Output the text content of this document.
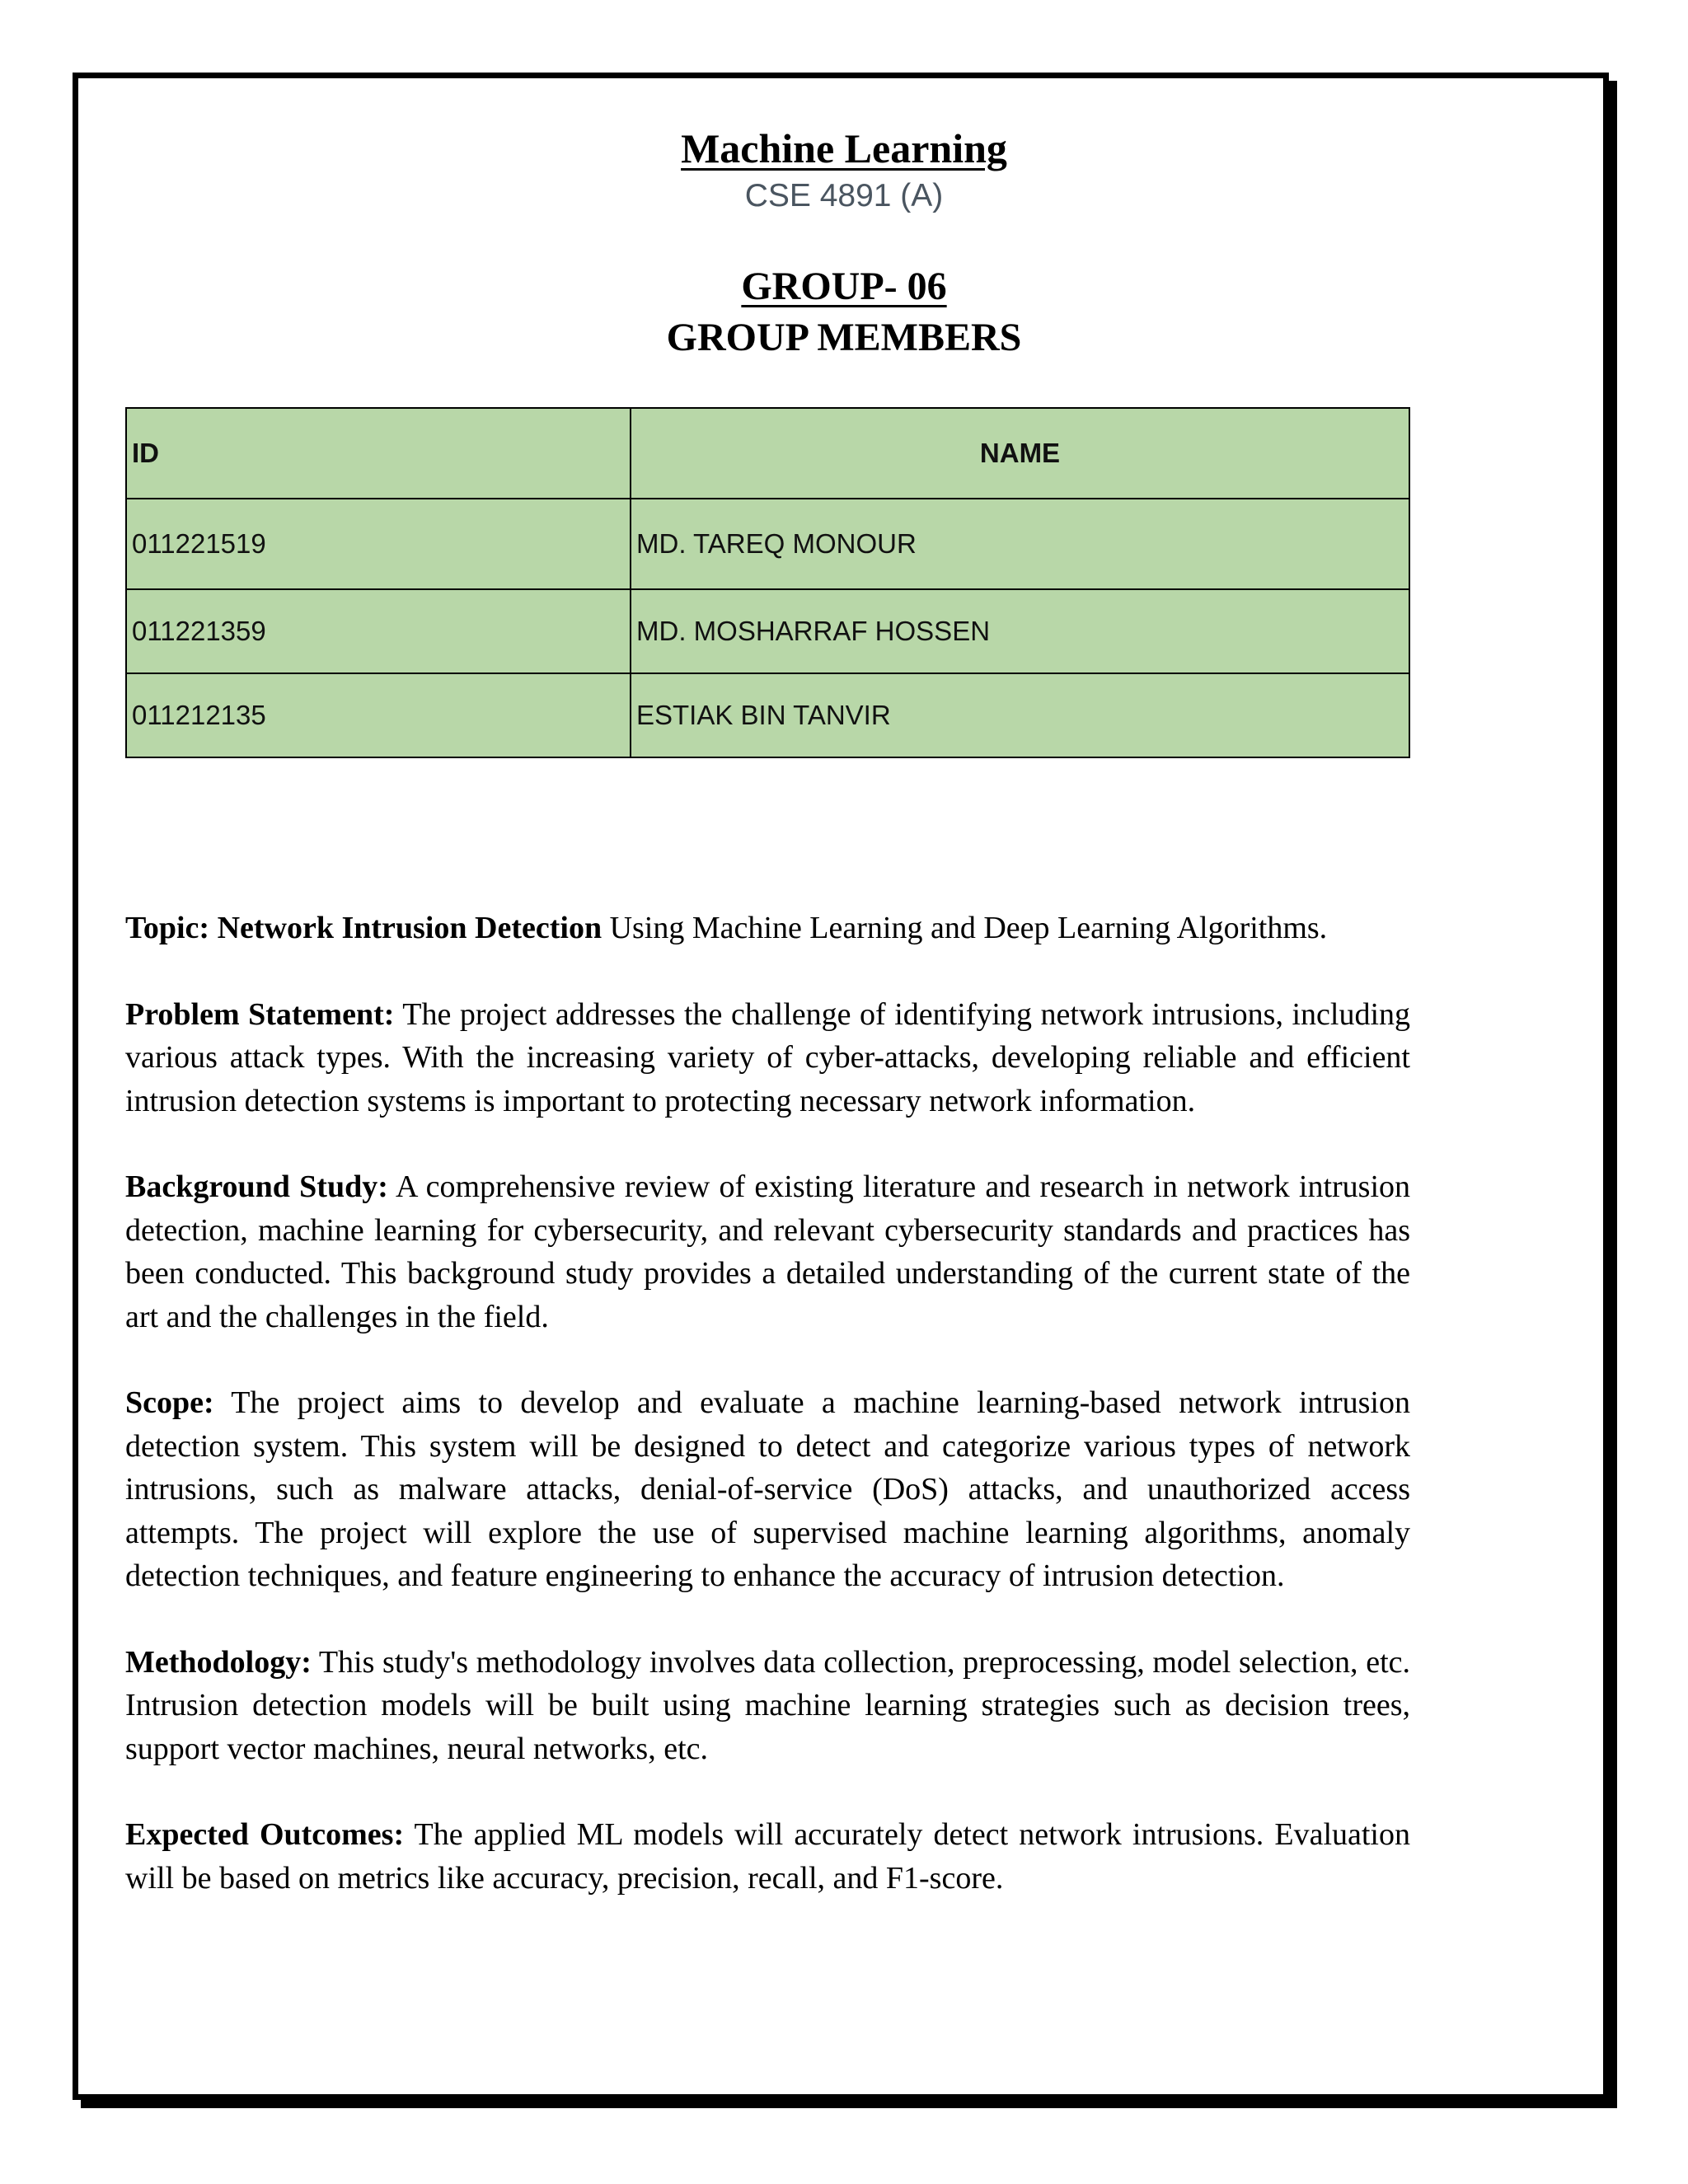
Machine Learning
CSE 4891 (A)
GROUP- 06
GROUP MEMBERS
ID	NAME
011221519	MD. TAREQ MONOUR
011221359	MD. MOSHARRAF HOSSEN
011212135	ESTIAK BIN TANVIR

Topic: Network Intrusion Detection Using Machine Learning and Deep Learning Algorithms.

Problem Statement: The project addresses the challenge of identifying network intrusions, including various attack types. With the increasing variety of cyber-attacks, developing reliable and efficient intrusion detection systems is important to protecting necessary network information.

Background Study: A comprehensive review of existing literature and research in network intrusion detection, machine learning for cybersecurity, and relevant cybersecurity standards and practices has been conducted. This background study provides a detailed understanding of the current state of the art and the challenges in the field.

Scope: The project aims to develop and evaluate a machine learning-based network intrusion detection system. This system will be designed to detect and categorize various types of network intrusions, such as malware attacks, denial-of-service (DoS) attacks, and unauthorized access attempts. The project will explore the use of supervised machine learning algorithms, anomaly detection techniques, and feature engineering to enhance the accuracy of intrusion detection.

Methodology: This study's methodology involves data collection, preprocessing, model selection, etc. Intrusion detection models will be built using machine learning strategies such as decision trees, support vector machines, neural networks, etc.

Expected Outcomes: The applied ML models will accurately detect network intrusions. Evaluation will be based on metrics like accuracy, precision, recall, and F1-score.
